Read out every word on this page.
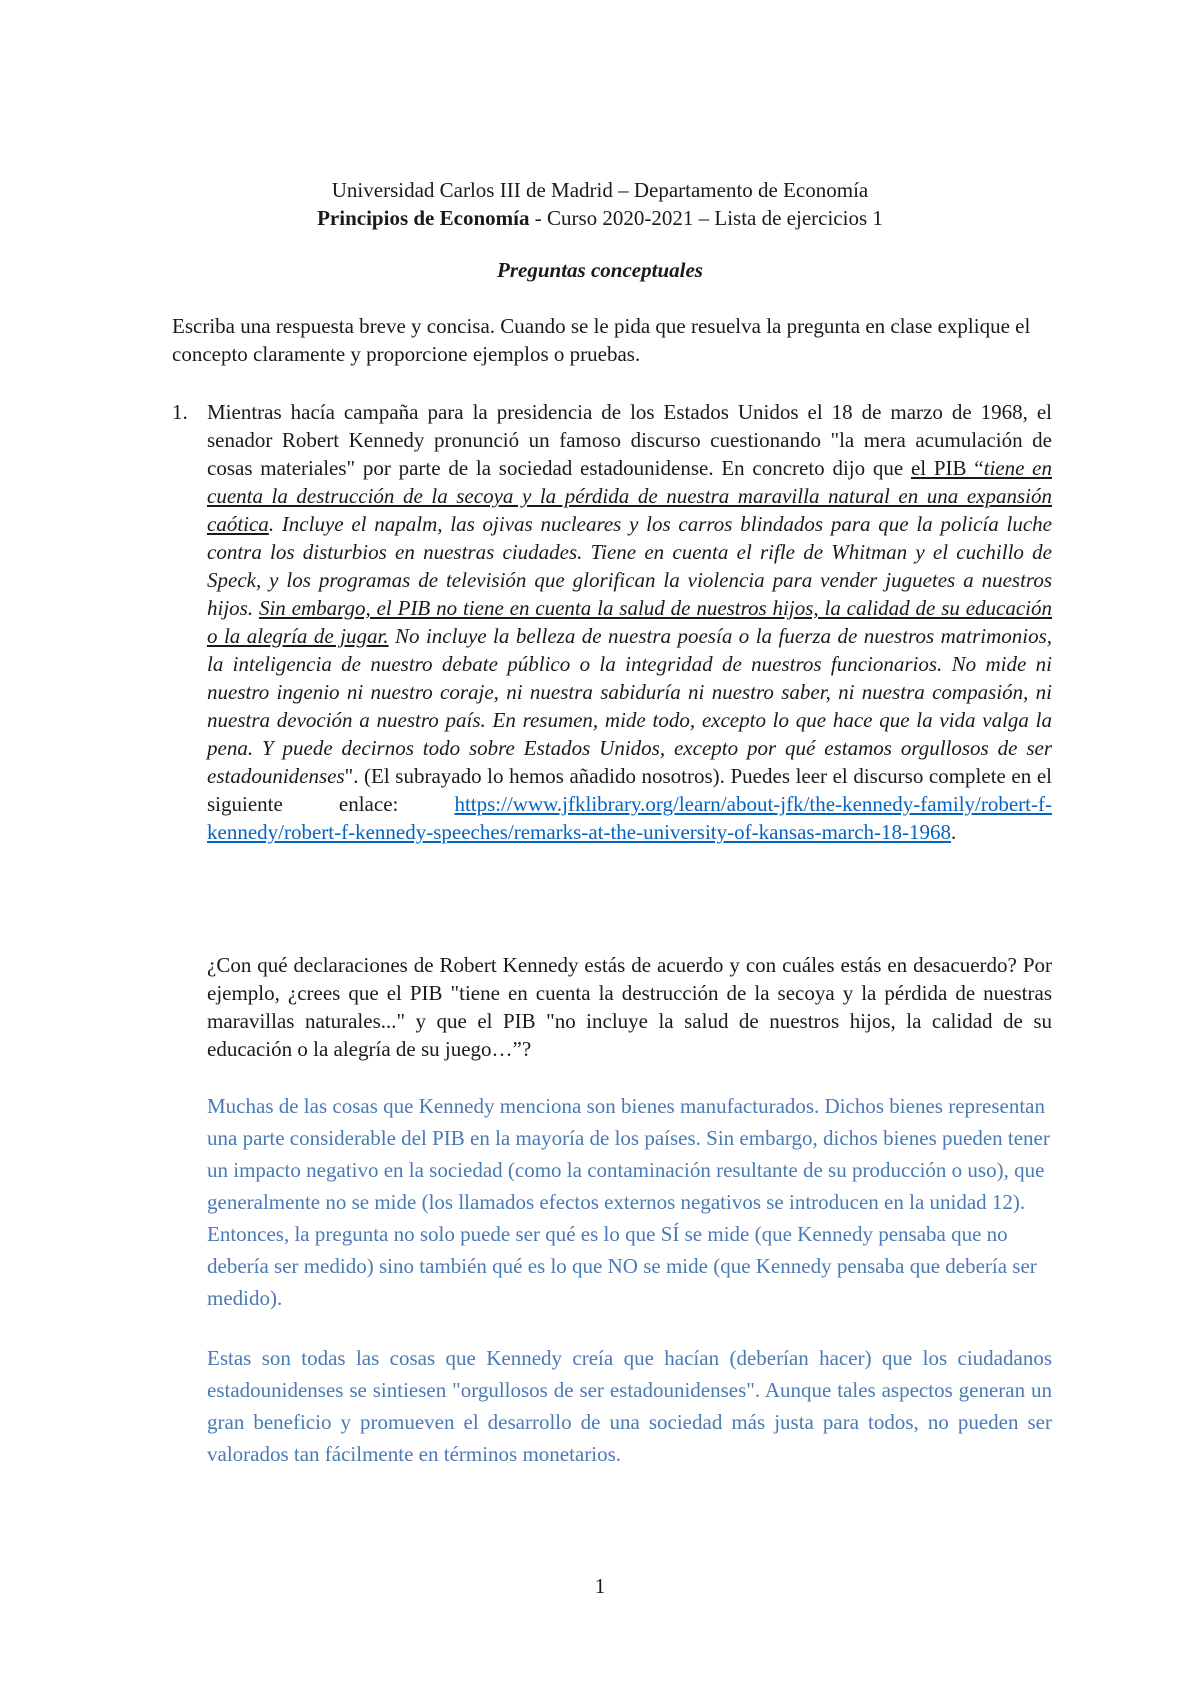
Universidad Carlos III de Madrid – Departamento de Economía
Principios de Economía - Curso 2020-2021 – Lista de ejercicios 1
Preguntas conceptuales
Escriba una respuesta breve y concisa. Cuando se le pida que resuelva la pregunta en clase explique el concepto claramente y proporcione ejemplos o pruebas.
1. Mientras hacía campaña para la presidencia de los Estados Unidos el 18 de marzo de 1968, el senador Robert Kennedy pronunció un famoso discurso cuestionando "la mera acumulación de cosas materiales" por parte de la sociedad estadounidense. En concreto dijo que el PIB “tiene en cuenta la destrucción de la secoya y la pérdida de nuestra maravilla natural en una expansión caótica. Incluye el napalm, las ojivas nucleares y los carros blindados para que la policía luche contra los disturbios en nuestras ciudades. Tiene en cuenta el rifle de Whitman y el cuchillo de Speck, y los programas de televisión que glorifican la violencia para vender juguetes a nuestros hijos. Sin embargo, el PIB no tiene en cuenta la salud de nuestros hijos, la calidad de su educación o la alegría de jugar. No incluye la belleza de nuestra poesía o la fuerza de nuestros matrimonios, la inteligencia de nuestro debate público o la integridad de nuestros funcionarios. No mide ni nuestro ingenio ni nuestro coraje, ni nuestra sabiduría ni nuestro saber, ni nuestra compasión, ni nuestra devoción a nuestro país. En resumen, mide todo, excepto lo que hace que la vida valga la pena. Y puede decirnos todo sobre Estados Unidos, excepto por qué estamos orgullosos de ser estadounidenses". (El subrayado lo hemos añadido nosotros). Puedes leer el discurso complete en el siguiente enlace: https://www.jfklibrary.org/learn/about-jfk/the-kennedy-family/robert-f-kennedy/robert-f-kennedy-speeches/remarks-at-the-university-of-kansas-march-18-1968.
¿Con qué declaraciones de Robert Kennedy estás de acuerdo y con cuáles estás en desacuerdo? Por ejemplo, ¿crees que el PIB "tiene en cuenta la destrucción de la secoya y la pérdida de nuestras maravillas naturales..." y que el PIB "no incluye la salud de nuestros hijos, la calidad de su educación o la alegría de su juego…”?
Muchas de las cosas que Kennedy menciona son bienes manufacturados. Dichos bienes representan una parte considerable del PIB en la mayoría de los países. Sin embargo, dichos bienes pueden tener un impacto negativo en la sociedad (como la contaminación resultante de su producción o uso), que generalmente no se mide (los llamados efectos externos negativos se introducen en la unidad 12). Entonces, la pregunta no solo puede ser qué es lo que SÍ se mide (que Kennedy pensaba que no debería ser medido) sino también qué es lo que NO se mide (que Kennedy pensaba que debería ser medido).
Estas son todas las cosas que Kennedy creía que hacían (deberían hacer) que los ciudadanos estadounidenses se sintiesen "orgullosos de ser estadounidenses". Aunque tales aspectos generan un gran beneficio y promueven el desarrollo de una sociedad más justa para todos, no pueden ser valorados tan fácilmente en términos monetarios.
1
